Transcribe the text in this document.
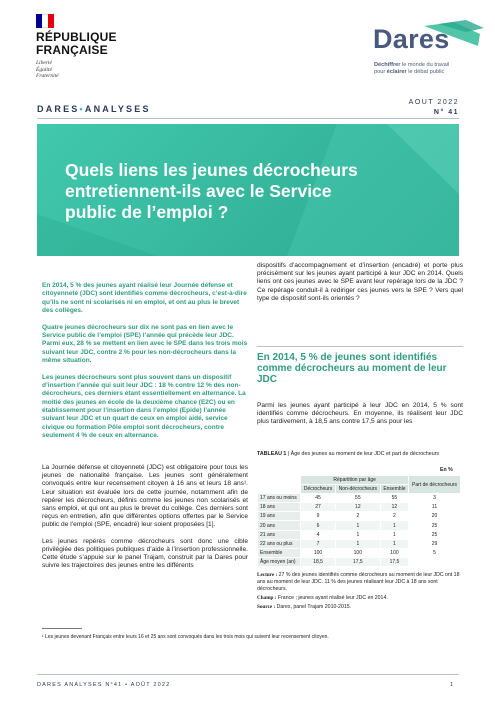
RÉPUBLIQUE
FRANÇAISE
Liberté
Égalité
Fraternité
Dares
Déchiffrer le monde du travail
pour éclairer le débat public
DARES•ANALYSES
AOUT 2022
N° 41
Quels liens les jeunes décrocheurs entretiennent-ils avec le Service public de l’emploi ?

En 2014, 5 % des jeunes ayant réalisé leur Journée défense et citoyenneté (JDC) sont identifiés comme décrocheurs, c’est-à-dire qu’ils ne sont ni scolarisés ni en emploi, et ont au plus le brevet des collèges.

Quatre jeunes décrocheurs sur dix ne sont pas en lien avec le Service public de l’emploi (SPE) l’année qui précède leur JDC. Parmi eux, 28 % se mettent en lien avec le SPE dans les trois mois suivant leur JDC, contre 2 % pour les non-décrocheurs dans la même situation.

Les jeunes décrocheurs sont plus souvent dans un dispositif d’insertion l’année qui suit leur JDC : 18 % contre 12 % des non-décrocheurs, ces derniers étant essentiellement en alternance. La moitié des jeunes en école de la deuxième chance (E2C) ou en établissement pour l’insertion dans l’emploi (Epide) l’année suivant leur JDC et un quart de ceux en emploi aidé, service civique ou formation Pôle emploi sont décrocheurs, contre seulement 4 % de ceux en alternance.

La Journée défense et citoyenneté (JDC) est obligatoire pour tous les jeunes de nationalité française. Les jeunes sont généralement convoqués entre leur recensement citoyen à 16 ans et leurs 18 ans¹. Leur situation est évaluée lors de cette journée, notamment afin de repérer les décrocheurs, définis comme les jeunes non scolarisés et sans emploi, et qui ont au plus le brevet du collège. Ces derniers sont reçus en entretien, afin que différentes options offertes par le Service public de l’emploi (SPE, encadré) leur soient proposées [1].

Les jeunes repérés comme décrocheurs sont donc une cible privilégiée des politiques publiques d’aide à l’insertion professionnelle. Cette étude s’appuie sur le panel Trajam, construit par la Dares pour suivre les trajectoires des jeunes entre les différents

dispositifs d’accompagnement et d’insertion (encadré) et porte plus précisément sur les jeunes ayant participé à leur JDC en 2014. Quels liens ont ces jeunes avec le SPE avant leur repérage lors de la JDC ? Ce repérage conduit-il à rediriger ces jeunes vers le SPE ? Vers quel type de dispositif sont-ils orientés ?
En 2014, 5 % de jeunes sont identifiés comme décrocheurs au moment de leur JDC
Parmi les jeunes ayant participé à leur JDC en 2014, 5 % sont identifiés comme décrocheurs. En moyenne, ils réalisent leur JDC plus tardivement, à 18,5 ans contre 17,5 ans pour les
TABLEAU 1 | Âge des jeunes au moment de leur JDC et part de décrocheurs
En %
	Répartition par âge			Part de décrocheurs
	Décrocheurs	Non-décrocheurs	Ensemble	
17 ans ou moins	45	55	55	3
18 ans	27	12	12	11
19 ans	9	2	2	20
20 ans	6	1	1	25
21 ans	4	1	1	25
22 ans ou plus	7	1	1	29
Ensemble	100	100	100	5
Âge moyen (an)	18,5	17,5	17,5	

Lecture : 27 % des jeunes identifiés comme décrocheurs au moment de leur JDC ont 18 ans au moment de leur JDC. 11 % des jeunes réalisant leur JDC à 18 ans sont décrocheurs.

Champ : France ; jeunes ayant réalisé leur JDC en 2014.

Source : Dares, panel Trajam 2010-2015.

¹ Les jeunes devenant Français entre leurs 16 et 25 ans sont convoqués dans les trois mois qui suivent leur recensement citoyen.
DARES ANALYSES N°41 • AOÛT 2022	1
